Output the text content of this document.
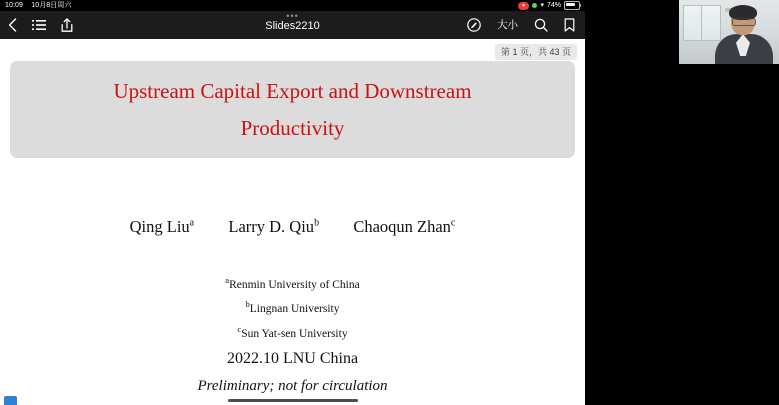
10:09 10月8日周六	●	▾ 74%
•••
Slides2210	大小
第 1 页，共 43 页
Upstream Capital Export and Downstream
Productivity
Qing Liu$^a$ Larry D. Qiu$^b$ Chaoqun Zhan$^c$
$^a$Renmin University of China
$^b$Lingnan University
$^c$Sun Yat-sen University
2022.10 LNU China
Preliminary; not for circulation
